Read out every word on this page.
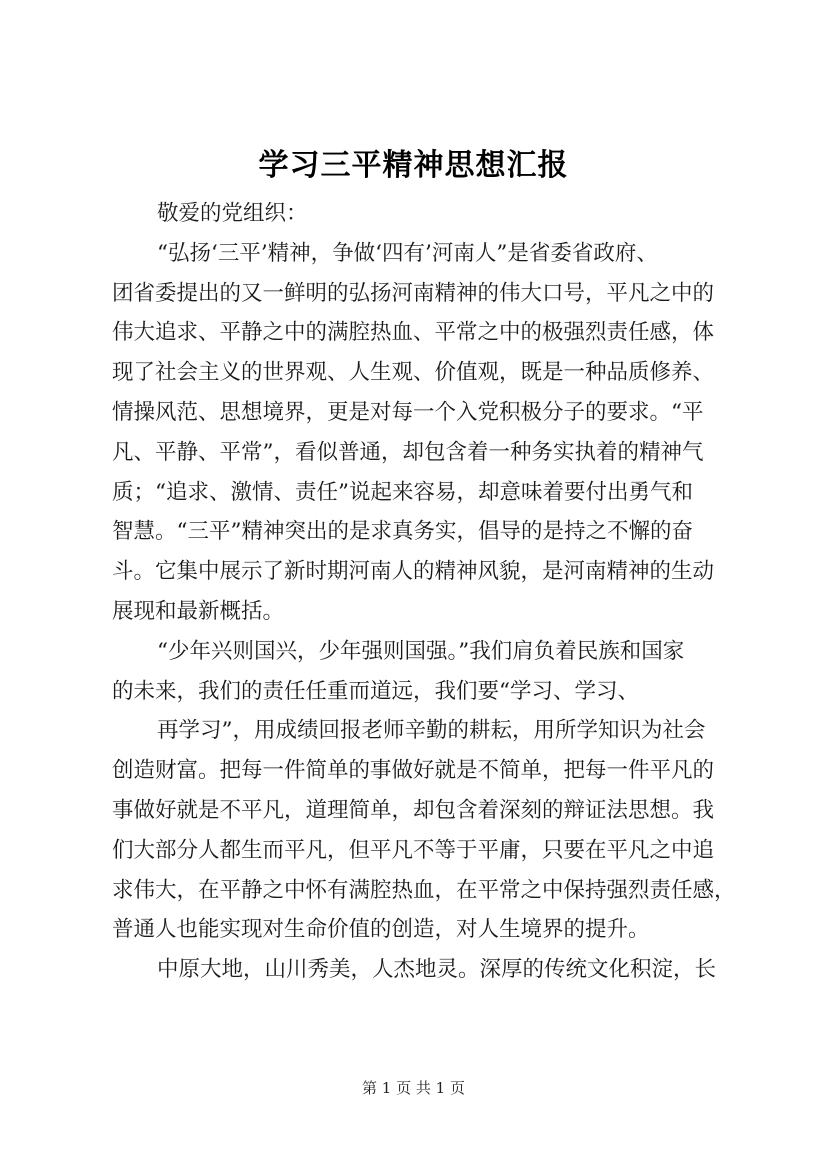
学习三平精神思想汇报
敬爱的党组织：
“弘扬‘三平’精神，争做‘四有’河南人”是省委省政府、
团省委提出的又一鲜明的弘扬河南精神的伟大口号，平凡之中的
伟大追求、平静之中的满腔热血、平常之中的极强烈责任感，体
现了社会主义的世界观、人生观、价值观，既是一种品质修养、
情操风范、思想境界，更是对每一个入党积极分子的要求。“平
凡、平静、平常”，看似普通，却包含着一种务实执着的精神气
质；“追求、激情、责任”说起来容易，却意味着要付出勇气和
智慧。“三平”精神突出的是求真务实，倡导的是持之不懈的奋
斗。它集中展示了新时期河南人的精神风貌，是河南精神的生动
展现和最新概括。
“少年兴则国兴，少年强则国强。”我们肩负着民族和国家
的未来，我们的责任任重而道远，我们要“学习、学习、
再学习”，用成绩回报老师辛勤的耕耘，用所学知识为社会
创造财富。把每一件简单的事做好就是不简单，把每一件平凡的
事做好就是不平凡，道理简单，却包含着深刻的辩证法思想。我
们大部分人都生而平凡，但平凡不等于平庸，只要在平凡之中追
求伟大，在平静之中怀有满腔热血，在平常之中保持强烈责任感，
普通人也能实现对生命价值的创造，对人生境界的提升。
中原大地，山川秀美，人杰地灵。深厚的传统文化积淀，长
第 1 页 共 1 页
